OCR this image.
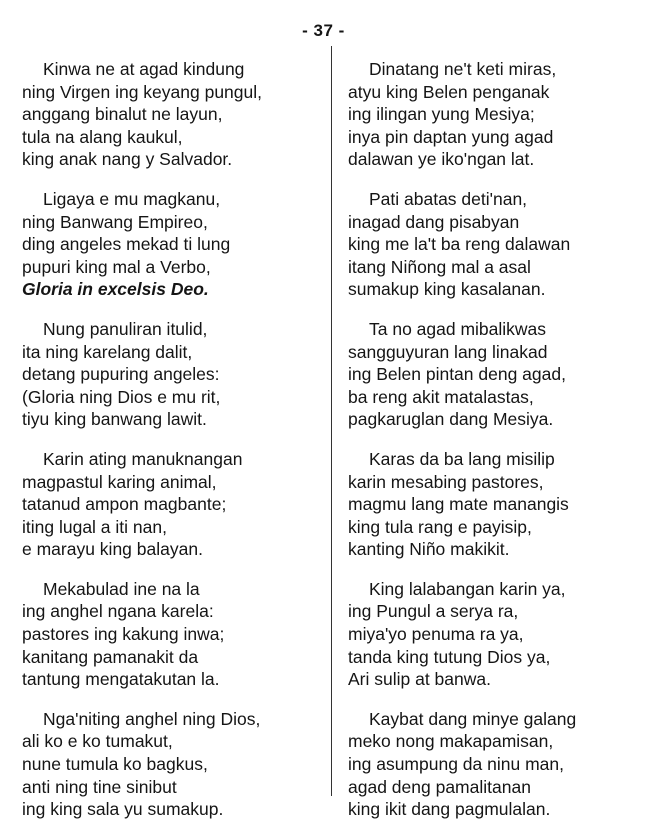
- 37 -
Kinwa ne at agad kindung
ning Virgen ing keyang pungul,
anggang binalut ne layun,
tula na alang kaukul,
king anak nang y Salvador.
Ligaya e mu magkanu,
ning Banwang Empireo,
ding angeles mekad ti lung
pupuri king mal a Verbo,
Gloria in excelsis Deo.
Nung panuliran itulid,
ita ning karelang dalit,
detang pupuring angeles:
(Gloria ning Dios e mu rit,
tiyu king banwang lawit.
Karin ating manuknangan
magpastul karing animal,
tatanud ampon magbante;
iting lugal a iti nan,
e marayu king balayan.
Mekabulad ine na la
ing anghel ngana karela:
pastores ing kakung inwa;
kanitang pamanakit da
tantung mengatakutan la.
Nga'niting anghel ning Dios,
ali ko e ko tumakut,
nune tumula ko bagkus,
anti ning tine sinibut
ing king sala yu sumakup.
Dinatang ne't keti miras,
atyu king Belen penganak
ing ilingan yung Mesiya;
inya pin daptan yung agad
dalawan ye iko'ngan lat.
Pati abatas deti'nan,
inagad dang pisabyan
king me la't ba reng dalawan
itang Niñong mal a asal
sumakup king kasalanan.
Ta no agad mibalikwas
sangguyuran lang linakad
ing Belen pintan deng agad,
ba reng akit matalastas,
pagkaruglan dang Mesiya.
Karas da ba lang misilip
karin mesabing pastores,
magmu lang mate manangis
king tula rang e payisip,
kanting Niño makikit.
King lalabangan karin ya,
ing Pungul a serya ra,
miya'yo penuma ra ya,
tanda king tutung Dios ya,
Ari sulip at banwa.
Kaybat dang minye galang
meko nong makapamisan,
ing asumpung da ninu man,
agad deng pamalitanan
king ikit dang pagmulalan.
